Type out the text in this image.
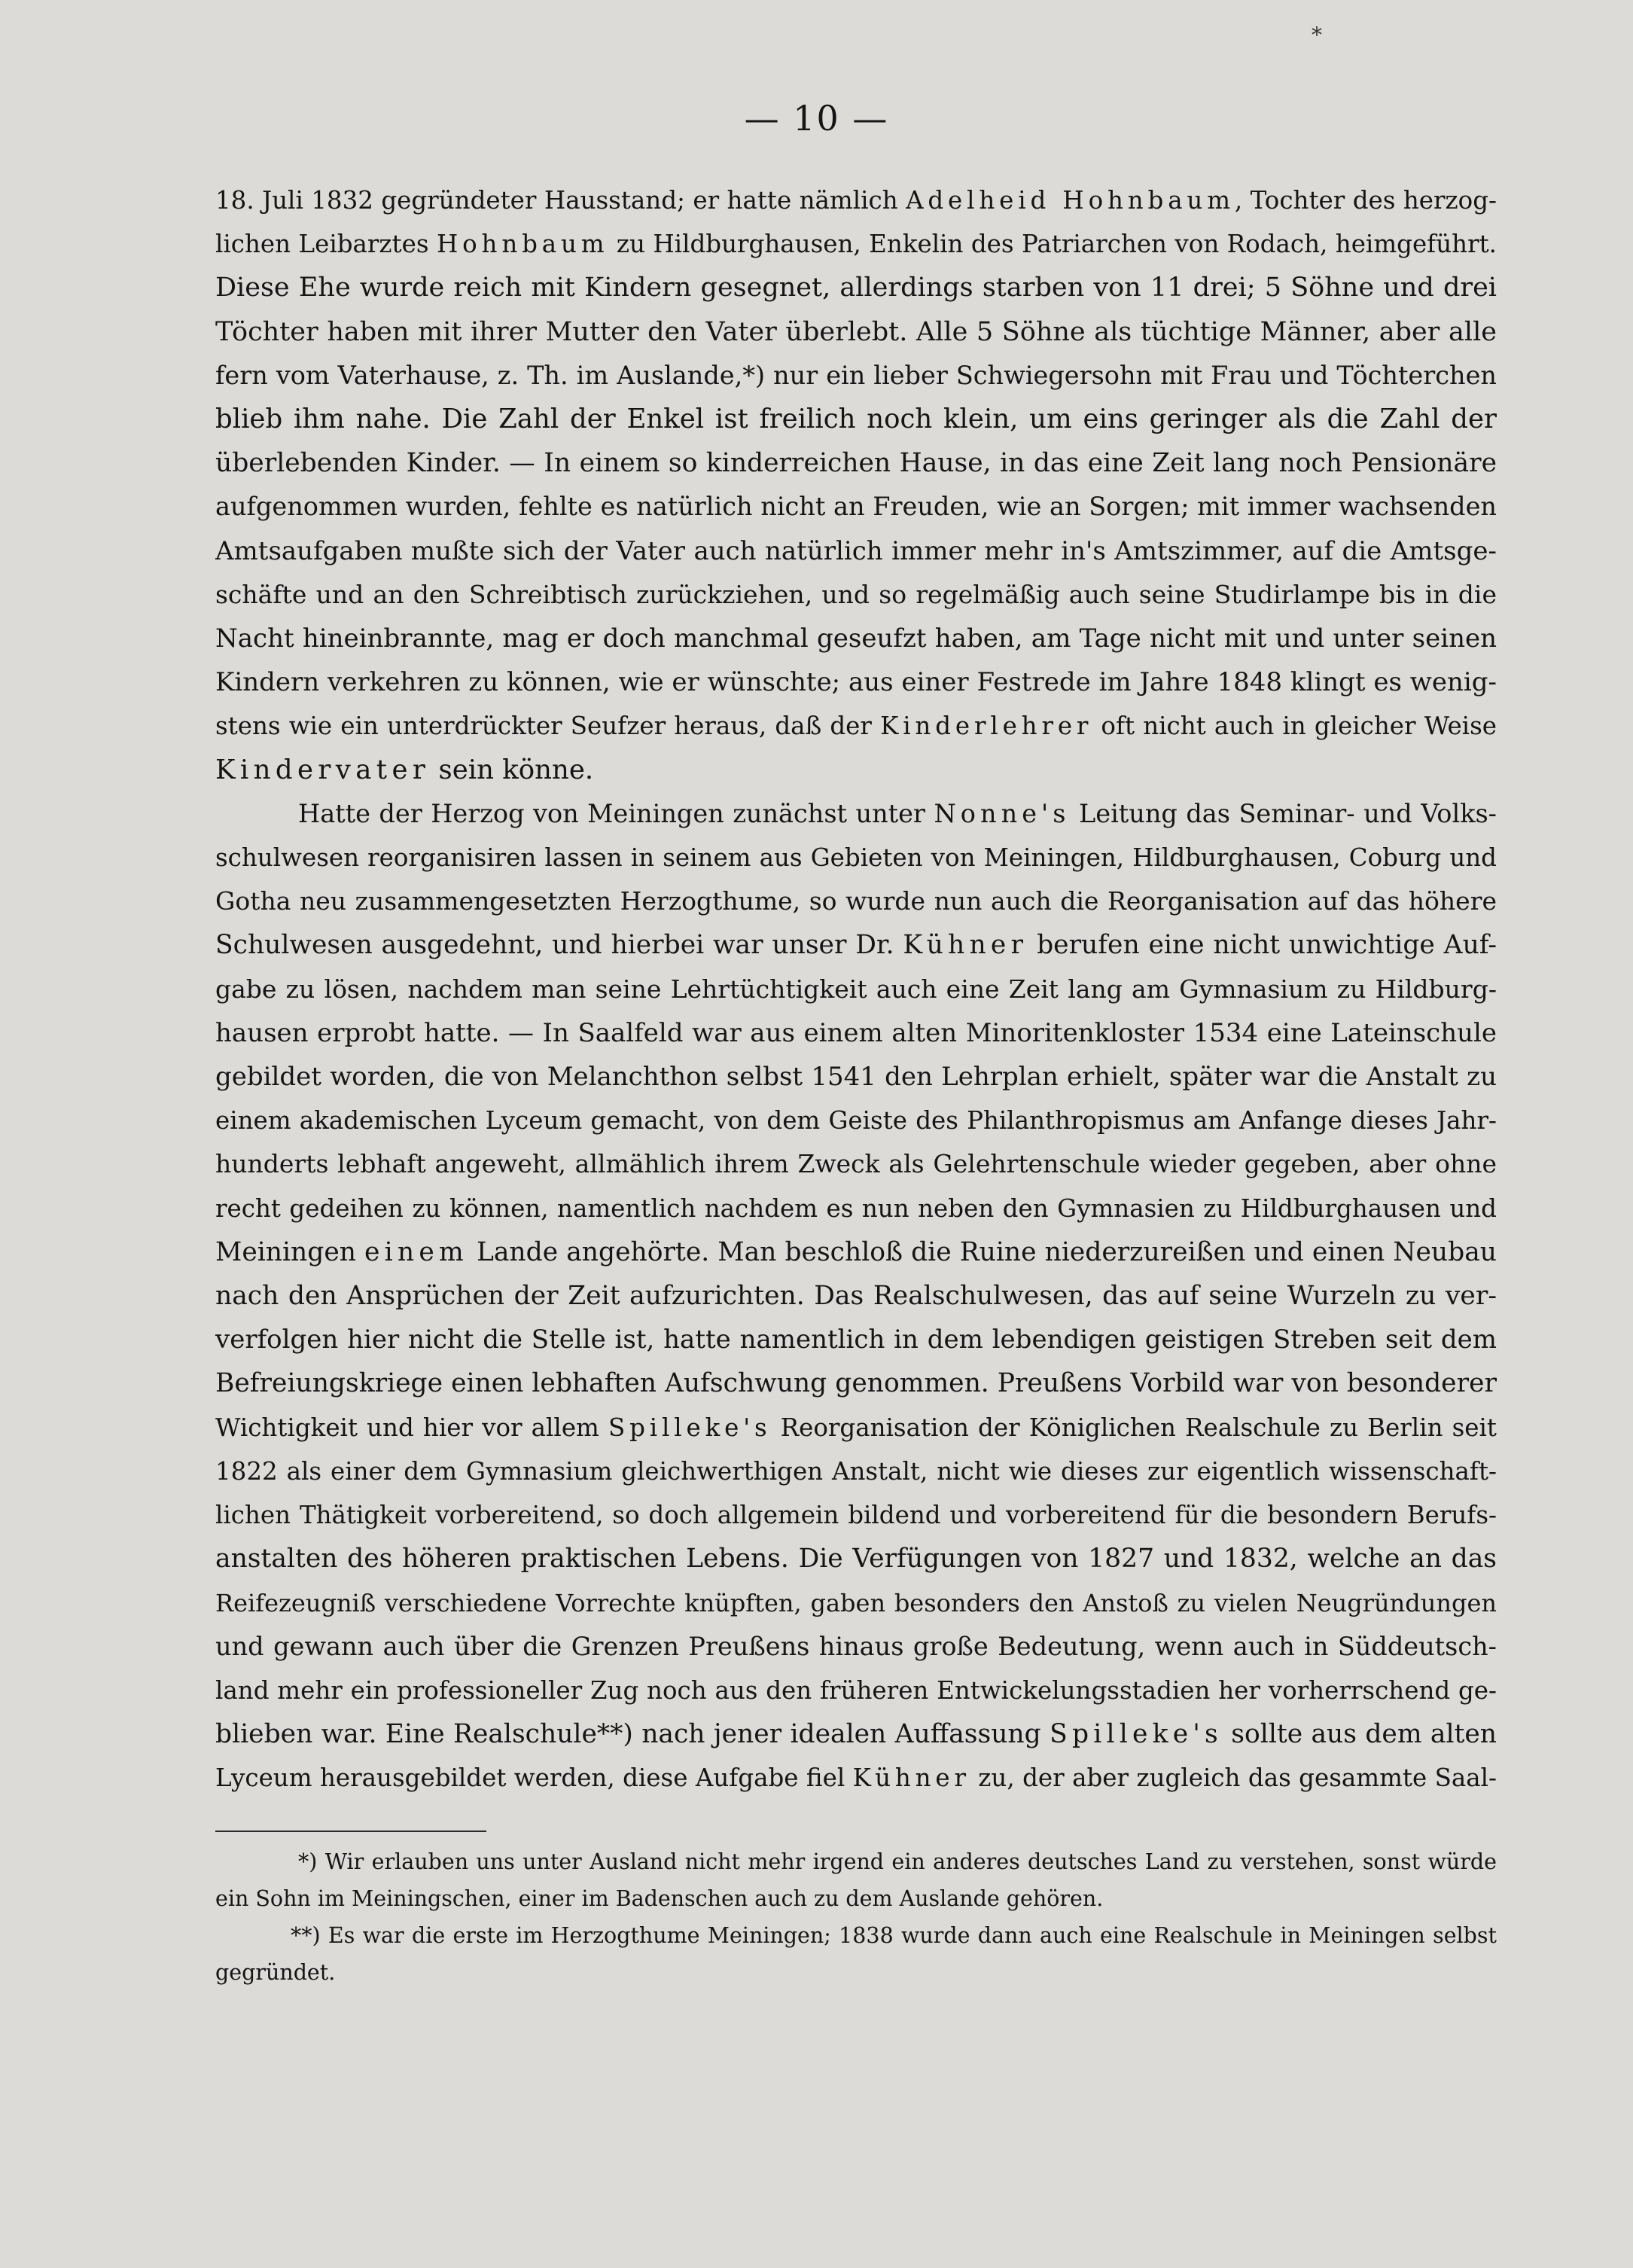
*
— 10 —

18. Juli 1832 gegründeter Hausstand; er hatte nämlich Adelheid Hohnbaum, Tochter des herzog-

lichen Leibarztes Hohnbaum zu Hildburghausen, Enkelin des Patriarchen von Rodach, heimgeführt.

Diese Ehe wurde reich mit Kindern gesegnet, allerdings starben von 11 drei; 5 Söhne und drei

Töchter haben mit ihrer Mutter den Vater überlebt. Alle 5 Söhne als tüchtige Männer, aber alle

fern vom Vaterhause, z. Th. im Auslande,*) nur ein lieber Schwiegersohn mit Frau und Töchterchen

blieb ihm nahe. Die Zahl der Enkel ist freilich noch klein, um eins geringer als die Zahl der

überlebenden Kinder. — In einem so kinderreichen Hause, in das eine Zeit lang noch Pensionäre

aufgenommen wurden, fehlte es natürlich nicht an Freuden, wie an Sorgen; mit immer wachsenden

Amtsaufgaben mußte sich der Vater auch natürlich immer mehr in's Amtszimmer, auf die Amtsge-

schäfte und an den Schreibtisch zurückziehen, und so regelmäßig auch seine Studirlampe bis in die

Nacht hineinbrannte, mag er doch manchmal geseufzt haben, am Tage nicht mit und unter seinen

Kindern verkehren zu können, wie er wünschte; aus einer Festrede im Jahre 1848 klingt es wenig-

stens wie ein unterdrückter Seufzer heraus, daß der Kinderlehrer oft nicht auch in gleicher Weise

Kindervater sein könne.

Hatte der Herzog von Meiningen zunächst unter Nonne's Leitung das Seminar- und Volks-

schulwesen reorganisiren lassen in seinem aus Gebieten von Meiningen, Hildburghausen, Coburg und

Gotha neu zusammengesetzten Herzogthume, so wurde nun auch die Reorganisation auf das höhere

Schulwesen ausgedehnt, und hierbei war unser Dr. Kühner berufen eine nicht unwichtige Auf-

gabe zu lösen, nachdem man seine Lehrtüchtigkeit auch eine Zeit lang am Gymnasium zu Hildburg-

hausen erprobt hatte. — In Saalfeld war aus einem alten Minoritenkloster 1534 eine Lateinschule

gebildet worden, die von Melanchthon selbst 1541 den Lehrplan erhielt, später war die Anstalt zu

einem akademischen Lyceum gemacht, von dem Geiste des Philanthropismus am Anfange dieses Jahr-

hunderts lebhaft angeweht, allmählich ihrem Zweck als Gelehrtenschule wieder gegeben, aber ohne

recht gedeihen zu können, namentlich nachdem es nun neben den Gymnasien zu Hildburghausen und

Meiningen einem Lande angehörte. Man beschloß die Ruine niederzureißen und einen Neubau

nach den Ansprüchen der Zeit aufzurichten. Das Realschulwesen, das auf seine Wurzeln zu ver-

verfolgen hier nicht die Stelle ist, hatte namentlich in dem lebendigen geistigen Streben seit dem

Befreiungskriege einen lebhaften Aufschwung genommen. Preußens Vorbild war von besonderer

Wichtigkeit und hier vor allem Spilleke's Reorganisation der Königlichen Realschule zu Berlin seit

1822 als einer dem Gymnasium gleichwerthigen Anstalt, nicht wie dieses zur eigentlich wissenschaft-

lichen Thätigkeit vorbereitend, so doch allgemein bildend und vorbereitend für die besondern Berufs-

anstalten des höheren praktischen Lebens. Die Verfügungen von 1827 und 1832, welche an das

Reifezeugniß verschiedene Vorrechte knüpften, gaben besonders den Anstoß zu vielen Neugründungen

und gewann auch über die Grenzen Preußens hinaus große Bedeutung, wenn auch in Süddeutsch-

land mehr ein professioneller Zug noch aus den früheren Entwickelungsstadien her vorherrschend ge-

blieben war. Eine Realschule**) nach jener idealen Auffassung Spilleke's sollte aus dem alten

Lyceum herausgebildet werden, diese Aufgabe fiel Kühner zu, der aber zugleich das gesammte Saal-

*) Wir erlauben uns unter Ausland nicht mehr irgend ein anderes deutsches Land zu verstehen, sonst würde

ein Sohn im Meiningschen, einer im Badenschen auch zu dem Auslande gehören.

**) Es war die erste im Herzogthume Meiningen; 1838 wurde dann auch eine Realschule in Meiningen selbst

gegründet.
